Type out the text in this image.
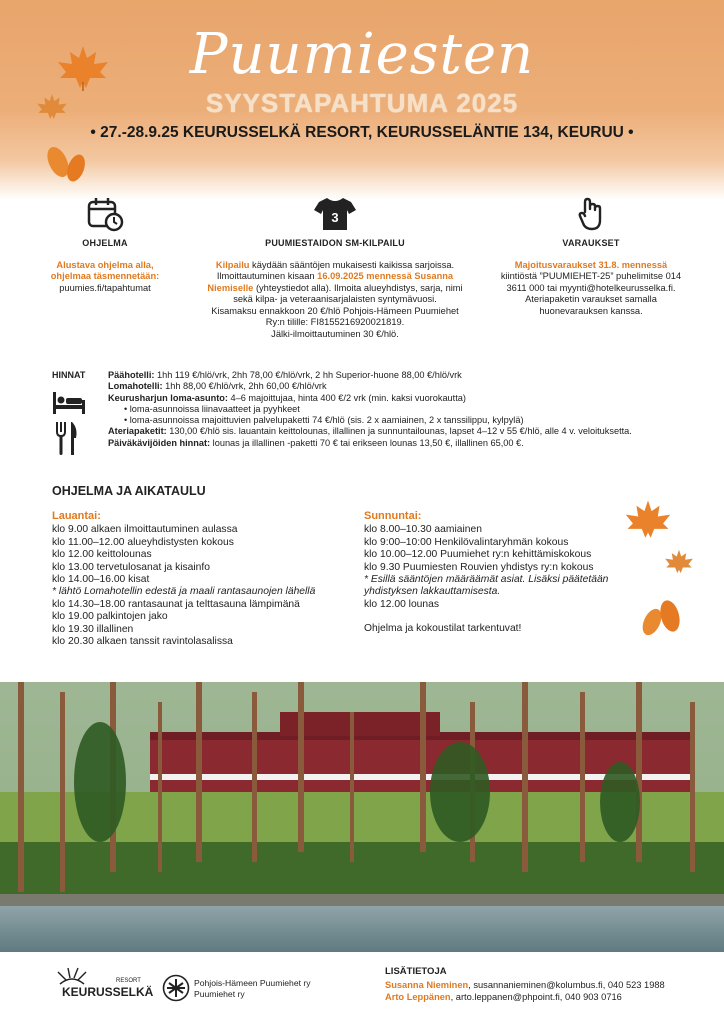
Puumiesten
SYYSTAPAHTUMA 2025
• 27.-28.9.25 KEURUSSELKÄ RESORT, KEURUSSELÄNTIE 134, KEURUU •
OHJELMA
Alustava ohjelma alla, ohjelmaa täsmennetään:
puumies.fi/tapahtumat
3
PUUMIESTAIDON SM-KILPAILU
Kilpailu käydään sääntöjen mukaisesti kaikissa sarjoissa.
Ilmoittautuminen kisaan 16.09.2025 mennessä Susanna Niemiselle (yhteystiedot alla). Ilmoita alueyhdistys, sarja, nimi sekä kilpa- ja veteraanisarjalaisten syntymävuosi.
Kisamaksu ennakkoon 20 €/hlö Pohjois-Hämeen Puumiehet Ry:n tilille: FI8155216920021819.
Jälki-ilmoittautuminen 30 €/hlö.
VARAUKSET
Majoitusvaraukset 31.8. mennessä kiintiöstä ”PUUMIEHET-25” puhelimitse 014 3611 000 tai myynti@hotelkeurusselka.fi.
Ateriapaketin varaukset samalla huonevarauksen kanssa.
HINNAT Päähotelli: 1hh 119 €/hlö/vrk, 2hh 78,00 €/hlö/vrk, 2 hh Superior-huone 88,00 €/hlö/vrk
Lomahotelli: 1hh 88,00 €/hlö/vrk, 2hh 60,00 €/hlö/vrk
Keurusharjun loma-asunto: 4–6 majoittujaa, hinta 400 €/2 vrk (min. kaksi vuorokautta)
• loma-asunnoissa liinavaatteet ja pyyhkeet
• loma-asunnoissa majoittuvien palvelupaketti 74 €/hlö (sis. 2 x aamiainen, 2 x tanssilippu, kylpylä)
Ateriapaketit: 130,00 €/hlö sis. lauantain keittolounas, illallinen ja sunnuntailounas, lapset 4–12 v 55 €/hlö, alle 4 v. veloituksetta.
Päiväkävijöiden hinnat: lounas ja illallinen -paketti 70 € tai erikseen lounas 13,50 €, illallinen 65,00 €.
OHJELMA JA AIKATAULU
Lauantai:
klo 9.00 alkaen ilmoittautuminen aulassa
klo 11.00–12.00 alueyhdistysten kokous
klo 12.00 keittolounas
klo 13.00 tervetulosanat ja kisainfo
klo 14.00–16.00 kisat
* lähtö Lomahotellin edestä ja maali rantasaunojen lähellä
klo 14.30–18.00 rantasaunat ja telttasauna lämpimänä
klo 19.00 palkintojen jako
klo 19.30 illallinen
klo 20.30 alkaen tanssit ravintolasalissa
Sunnuntai:
klo 8.00–10.30 aamiainen
klo 9:00–10:00 Henkilövalintaryhmän kokous
klo 10.00–12.00 Puumiehet ry:n kehittämiskokous
klo 9.30 Puumiesten Rouvien yhdistys ry:n kokous
* Esillä sääntöjen määräämät asiat. Lisäksi päätetään yhdistyksen lakkauttamisesta.
klo 12.00 lounas
Ohjelma ja kokoustilat tarkentuvat!
RESORT
KEURUSSELKÄ
Pohjois-Hämeen Puumiehet ry
Puumiehet ry
LISÄTIETOJA
Susanna Nieminen, susannanieminen@kolumbus.fi, 040 523 1988
Arto Leppänen, arto.leppanen@phpoint.fi, 040 903 0716
